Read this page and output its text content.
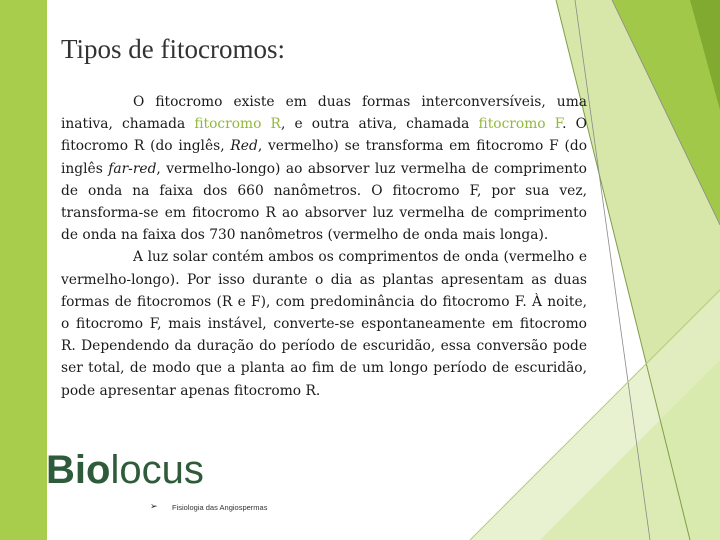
Tipos de fitocromos:

O fitocromo existe em duas formas interconversíveis, uma inativa, chamada fitocromo R, e outra ativa, chamada fitocromo F. O fitocromo R (do inglês, Red, vermelho) se transforma em fitocromo F (do inglês far-red, vermelho-longo) ao absorver luz vermelha de comprimento de onda na faixa dos 660 nanômetros. O fitocromo F, por sua vez, transforma-se em fitocromo R ao absorver luz vermelha de comprimento de onda na faixa dos 730 nanômetros (vermelho de onda mais longa).

A luz solar contém ambos os comprimentos de onda (vermelho e vermelho-longo). Por isso durante o dia as plantas apresentam as duas formas de fitocromos (R e F), com predominância do fitocromo F. À noite, o fitocromo F, mais instável, converte-se espontaneamente em fitocromo R. Dependendo da duração do período de escuridão, essa conversão pode ser total, de modo que a planta ao fim de um longo período de escuridão, pode apresentar apenas fitocromo R.

Biolocus
➢ Fisiologia das Angiospermas
